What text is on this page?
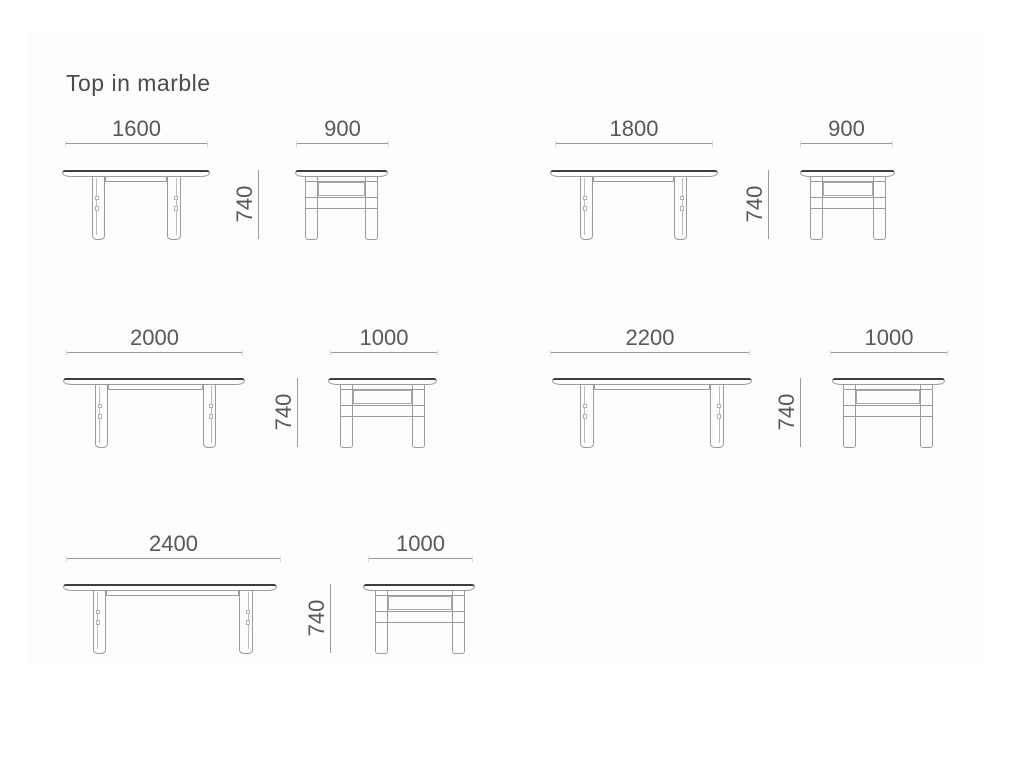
Top in marble
1600
740
900	1800
740
900
2000
740
1000	2200
740
1000
2400
740
1000
